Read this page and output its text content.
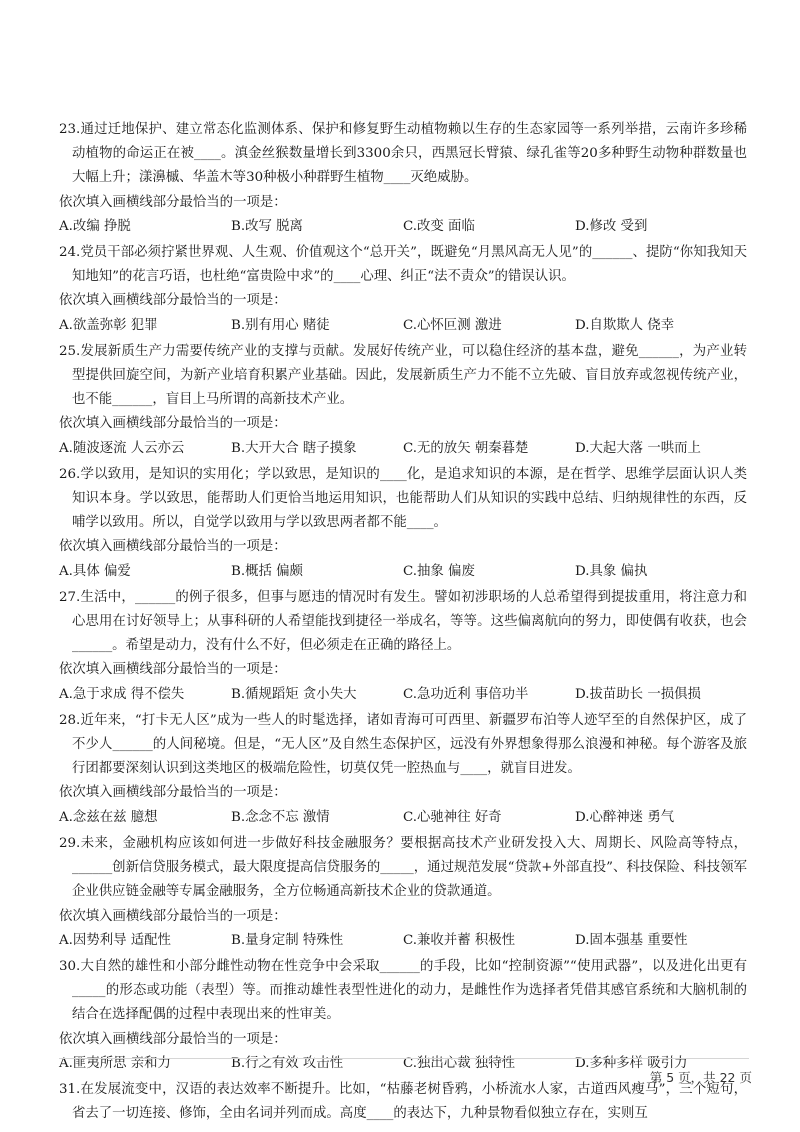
23.通过迁地保护、建立常态化监测体系、保护和修复野生动植物赖以生存的生态家园等一系列举措，云南许多珍稀动植物的命运正在被____。滇金丝猴数量增长到3300余只，西黑冠长臂猿、绿孔雀等20多种野生动物种群数量也大幅上升；漾濞槭、华盖木等30种极小种群野生植物____灭绝威胁。
依次填入画横线部分最恰当的一项是：
A.改编 挣脱	B.改写 脱离	C.改变 面临	D.修改 受到
24.党员干部必须拧紧世界观、人生观、价值观这个“总开关”，既避免“月黑风高无人见”的______、提防“你知我知天知地知”的花言巧语，也杜绝“富贵险中求”的____心理、纠正“法不责众”的错误认识。
依次填入画横线部分最恰当的一项是：
A.欲盖弥彰 犯罪	B.别有用心 赌徒	C.心怀叵测 激进	D.自欺欺人 侥幸
25.发展新质生产力需要传统产业的支撑与贡献。发展好传统产业，可以稳住经济的基本盘，避免______，为产业转型提供回旋空间，为新产业培育积累产业基础。因此，发展新质生产力不能不立先破、盲目放弃或忽视传统产业，也不能______，盲目上马所谓的高新技术产业。
依次填入画横线部分最恰当的一项是：
A.随波逐流 人云亦云	B.大开大合 瞎子摸象	C.无的放矢 朝秦暮楚	D.大起大落 一哄而上
26.学以致用，是知识的实用化；学以致思，是知识的____化，是追求知识的本源，是在哲学、思维学层面认识人类知识本身。学以致思，能帮助人们更恰当地运用知识，也能帮助人们从知识的实践中总结、归纳规律性的东西，反哺学以致用。所以，自觉学以致用与学以致思两者都不能____。
依次填入画横线部分最恰当的一项是：
A.具体 偏爱	B.概括 偏颇	C.抽象 偏废	D.具象 偏执
27.生活中，______的例子很多，但事与愿违的情况时有发生。譬如初涉职场的人总希望得到提拔重用，将注意力和心思用在讨好领导上；从事科研的人希望能找到捷径一举成名，等等。这些偏离航向的努力，即使偶有收获，也会______。希望是动力，没有什么不好，但必须走在正确的路径上。
依次填入画横线部分最恰当的一项是：
A.急于求成 得不偿失	B.循规蹈矩 贪小失大	C.急功近利 事倍功半	D.拔苗助长 一损俱损
28.近年来，“打卡无人区”成为一些人的时髦选择，诸如青海可可西里、新疆罗布泊等人迹罕至的自然保护区，成了不少人______的人间秘境。但是，“无人区”及自然生态保护区，远没有外界想象得那么浪漫和神秘。每个游客及旅行团都要深刻认识到这类地区的极端危险性，切莫仅凭一腔热血与____，就盲目进发。
依次填入画横线部分最恰当的一项是：
A.念兹在兹 臆想	B.念念不忘 激情	C.心驰神往 好奇	D.心醉神迷 勇气
29.未来，金融机构应该如何进一步做好科技金融服务？要根据高技术产业研发投入大、周期长、风险高等特点，______创新信贷服务模式，最大限度提高信贷服务的_____，通过规范发展“贷款+外部直投”、科技保险、科技领军企业供应链金融等专属金融服务，全方位畅通高新技术企业的贷款通道。
依次填入画横线部分最恰当的一项是：
A.因势利导 适配性	B.量身定制 特殊性	C.兼收并蓄 积极性	D.固本强基 重要性
30.大自然的雄性和小部分雌性动物在性竞争中会采取______的手段，比如“控制资源”“使用武器”，以及进化出更有_____的形态或功能（表型）等。而推动雄性表型性进化的动力，是雌性作为选择者凭借其感官系统和大脑机制的结合在选择配偶的过程中表现出来的性审美。
依次填入画横线部分最恰当的一项是：
A.匪夷所思 亲和力	B.行之有效 攻击性	C.独出心裁 独特性	D.多种多样 吸引力
31.在发展流变中，汉语的表达效率不断提升。比如，“枯藤老树昏鸦，小桥流水人家，古道西风瘦马”，三个短句，省去了一切连接、修饰，全由名词并列而成。高度____的表达下，九种景物看似独立存在，实则互
第 5 页，共 22 页
